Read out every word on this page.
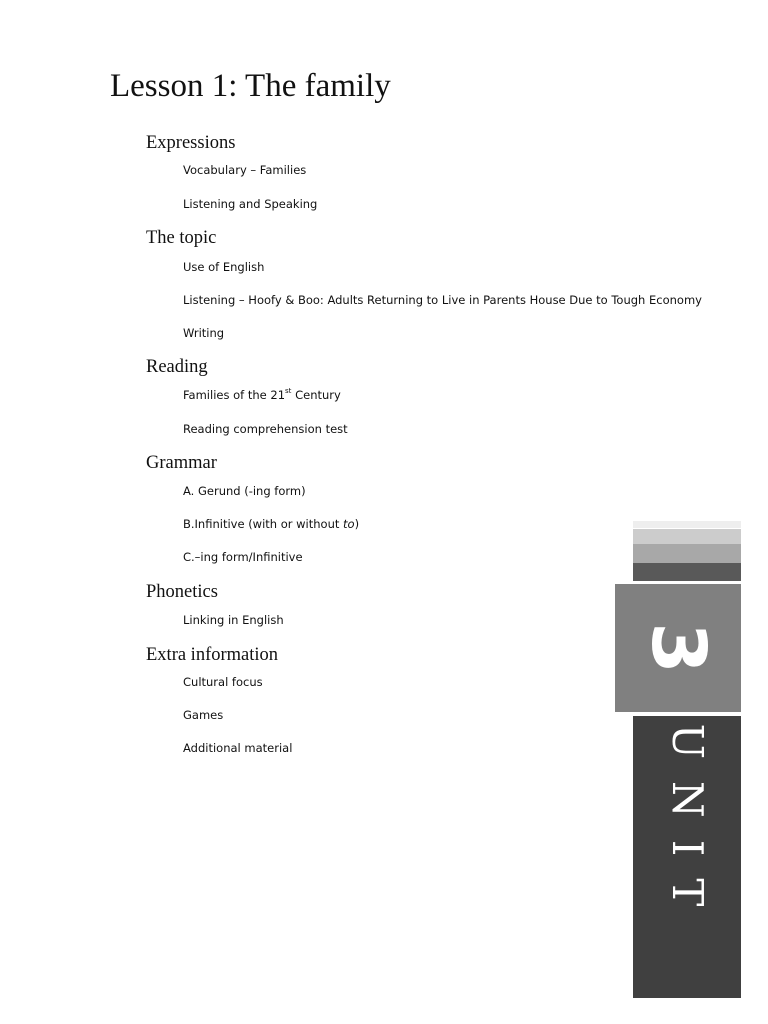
Lesson 1: The family
Expressions

Vocabulary – Families

Listening and Speaking

The topic

Use of English

Listening – Hoofy & Boo: Adults Returning to Live in Parents House Due to Tough Economy

Writing

Reading

Families of the 21st Century

Reading comprehension test

Grammar

A. Gerund (-ing form)

B.Infinitive (with or without to)

C.–ing form/Infinitive

Phonetics

Linking in English

Extra information

Cultural focus

Games

Additional material

3
UNIT
